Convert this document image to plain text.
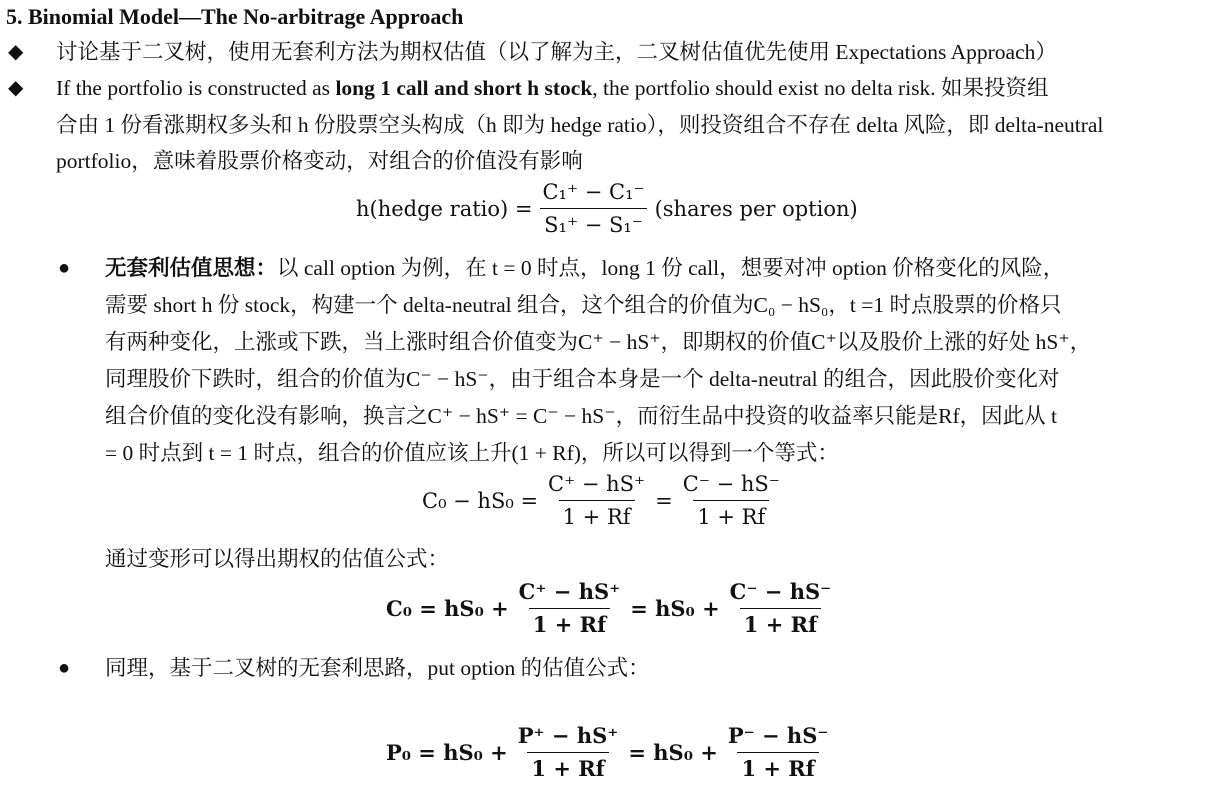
5. Binomial Model—The No-arbitrage Approach
◆ 讨论基于二叉树，使用无套利方法为期权估值（以了解为主，二叉树估值优先使用 Expectations Approach）
◆ If the portfolio is constructed as long 1 call and short h stock, the portfolio should exist no delta risk. 如果投资组
合由 1 份看涨期权多头和 h 份股票空头构成（h 即为 hedge ratio），则投资组合不存在 delta 风险，即 delta-neutral
portfolio，意味着股票价格变动，对组合的价值没有影响
h(hedge ratio) = $\frac{\text{C₁⁺ − C₁⁻}}{\text{S₁⁺ − S₁⁻}}$ (shares per option)
● 无套利估值思想：以 call option 为例，在 t = 0 时点，long 1 份 call，想要对冲 option 价格变化的风险，
需要 short h 份 stock，构建一个 delta-neutral 组合，这个组合的价值为C₀ − hS₀，t =1 时点股票的价格只
有两种变化，上涨或下跌，当上涨时组合价值变为C⁺ − hS⁺，即期权的价值C⁺以及股价上涨的好处 hS⁺，
同理股价下跌时，组合的价值为C⁻ − hS⁻，由于组合本身是一个 delta-neutral 的组合，因此股价变化对
组合价值的变化没有影响，换言之C⁺ − hS⁺ = C⁻ − hS⁻，而衍生品中投资的收益率只能是Rf，因此从 t
= 0 时点到 t = 1 时点，组合的价值应该上升(1 + Rf)，所以可以得到一个等式：
$C_0 - hS_0 = \frac{C^+ - hS^+}{1 + Rf} = \frac{C^- - hS^-}{1 + Rf}$
通过变形可以得出期权的估值公式：
$C_0 = hS_0 + \frac{C^+ - hS^+}{1 + Rf} = hS_0 + \frac{C^- - hS^-}{1 + Rf}$
● 同理，基于二叉树的无套利思路，put option 的估值公式：
$P_0 = hS_0 + \frac{P^+ - hS^+}{1 + Rf} = hS_0 + \frac{P^- - hS^-}{1 + Rf}$
